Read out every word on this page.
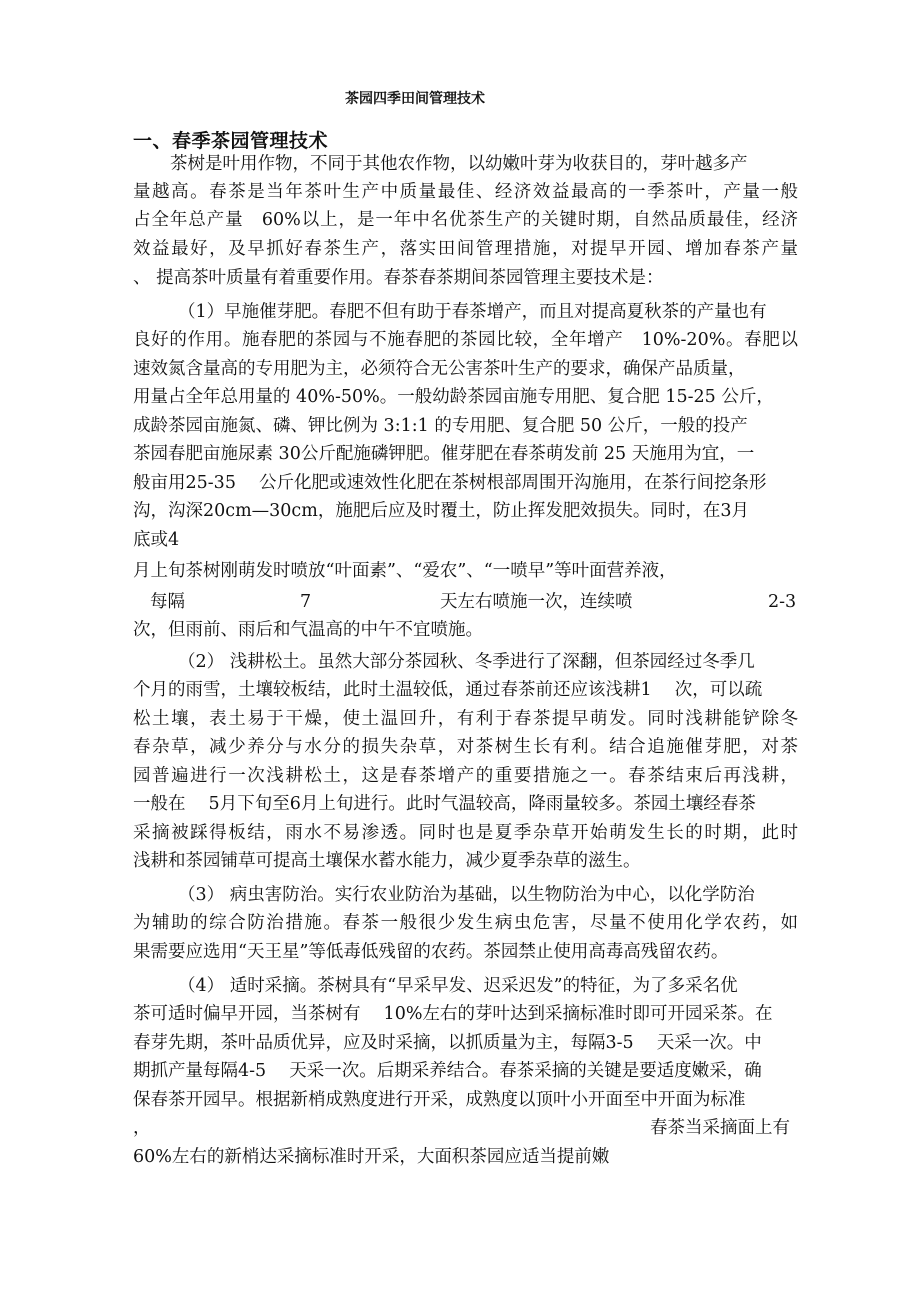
茶园四季田间管理技术
一、春季茶园管理技术
茶树是叶用作物，不同于其他农作物，以幼嫩叶芽为收获目的，芽叶越多产
量越高。春茶是当年茶叶生产中质量最佳、经济效益最高的一季茶叶，产量一般
占全年总产量　60%以上，是一年中名优茶生产的关键时期，自然品质最佳，经济
效益最好，及早抓好春茶生产，落实田间管理措施，对提早开园、增加春茶产量
、 提高茶叶质量有着重要作用。春茶春茶期间茶园管理主要技术是：
（1）早施催芽肥。春肥不但有助于春茶增产，而且对提高夏秋茶的产量也有
良好的作用。施春肥的茶园与不施春肥的茶园比较，全年增产　10%-20%。春肥以
速效氮含量高的专用肥为主，必须符合无公害茶叶生产的要求，确保产品质量，
用量占全年总用量的 40%-50%。一般幼龄茶园亩施专用肥、复合肥 15-25 公斤，
成龄茶园亩施氮、磷、钾比例为 3:1:1 的专用肥、复合肥 50 公斤，一般的投产
茶园春肥亩施尿素 30公斤配施磷钾肥。催芽肥在春茶萌发前 25 天施用为宜，一
般亩用25-35　 公斤化肥或速效性化肥在茶树根部周围开沟施用，在茶行间挖条形
沟，沟深20cm—30cm，施肥后应及时覆土，防止挥发肥效损失。同时，在3月
底或4
月上旬茶树刚萌发时喷放“叶面素”、“爱农”、“一喷早”等叶面营养液，
每隔	7	天左右喷施一次，连续喷	2-3
次，但雨前、雨后和气温高的中午不宜喷施。
（2） 浅耕松土。虽然大部分茶园秋、冬季进行了深翻，但茶园经过冬季几
个月的雨雪，土壤较板结，此时土温较低，通过春茶前还应该浅耕1　 次，可以疏
松土壤，表土易于干燥，使土温回升，有利于春茶提早萌发。同时浅耕能铲除冬
春杂草，减少养分与水分的损失杂草，对茶树生长有利。结合追施催芽肥，对茶
园普遍进行一次浅耕松土，这是春茶增产的重要措施之一。春茶结束后再浅耕，
一般在　 5月下旬至6月上旬进行。此时气温较高，降雨量较多。茶园土壤经春茶
采摘被踩得板结，雨水不易渗透。同时也是夏季杂草开始萌发生长的时期，此时
浅耕和茶园铺草可提高土壤保水蓄水能力，减少夏季杂草的滋生。
（3） 病虫害防治。实行农业防治为基础，以生物防治为中心，以化学防治
为辅助的综合防治措施。春茶一般很少发生病虫危害，尽量不使用化学农药，如
果需要应选用“天王星”等低毒低残留的农药。茶园禁止使用高毒高残留农药。
（4） 适时采摘。茶树具有“早采早发、迟采迟发”的特征，为了多采名优
茶可适时偏早开园，当茶树有　 10%左右的芽叶达到采摘标准时即可开园采茶。在
春芽先期，茶叶品质优异，应及时采摘，以抓质量为主，每隔3-5　 天采一次。中
期抓产量每隔4-5　 天采一次。后期采养结合。春茶采摘的关键是要适度嫩采，确
保春茶开园早。根据新梢成熟度进行开采，成熟度以顶叶小开面至中开面为标准
，	春茶当采摘面上有
60%左右的新梢达采摘标准时开采，大面积茶园应适当提前嫩
